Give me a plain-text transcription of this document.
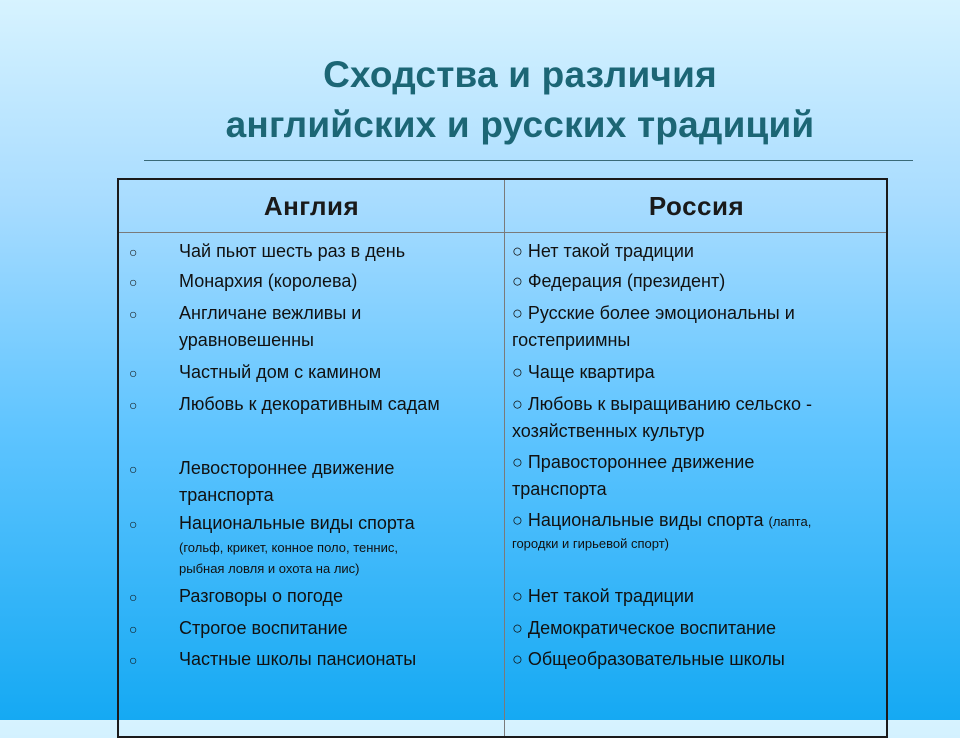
Сходства и различия
английских и русских традиций
Англия	Россия
○ Чай пьют шесть раз в день
○ Монархия (королева)
○ Англичане вежливы и
уравновешенны
○ Частный дом с камином
○ Любовь к декоративным садам
○ Левостороннее движение
транспорта
○ Национальные виды спорта
(гольф, крикет, конное поло, теннис,
рыбная ловля и охота на лис)
○ Разговоры о погоде
○ Строгое воспитание
○ Частные школы пансионаты
○ Нет такой традиции
○ Федерация (президент)
○ Русские более эмоциональны и
гостеприимны
○ Чаще квартира
○ Любовь к выращиванию сельско -
хозяйственных культур
○ Правостороннее движение
транспорта
○ Национальные виды спорта (лапта,
городки и гирьевой спорт)
○ Нет такой традиции
○ Демократическое воспитание
○ Общеобразовательные школы
